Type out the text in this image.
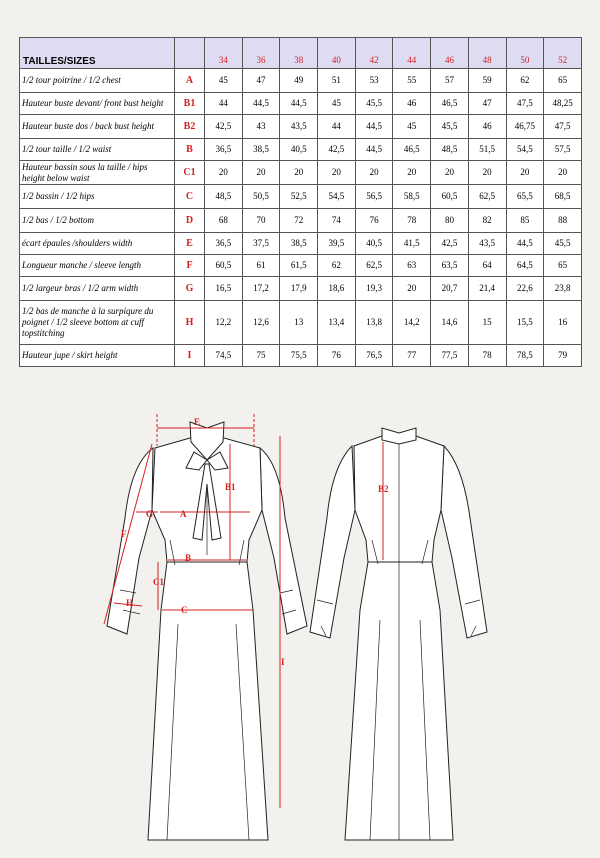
TAILLES/SIZES		34	36	38	40	42	44	46	48	50	52
1/2 tour poitrine / 1/2 chest	A	45	47	49	51	53	55	57	59	62	65
Hauteur buste devant/ front bust height	B1	44	44,5	44,5	45	45,5	46	46,5	47	47,5	48,25
Hauteur buste dos / back bust height	B2	42,5	43	43,5	44	44,5	45	45,5	46	46,75	47,5
1/2 tour taille / 1/2 waist	B	36,5	38,5	40,5	42,5	44,5	46,5	48,5	51,5	54,5	57,5
Hauteur bassin sous la taille / hips height below waist	C1	20	20	20	20	20	20	20	20	20	20
1/2 bassin / 1/2 hips	C	48,5	50,5	52,5	54,5	56,5	58,5	60,5	62,5	65,5	68,5
1/2 bas / 1/2 bottom	D	68	70	72	74	76	78	80	82	85	88
écart épaules /shoulders width	E	36,5	37,5	38,5	39,5	40,5	41,5	42,5	43,5	44,5	45,5
Longueur manche / sleeve length	F	60,5	61	61,5	62	62,5	63	63,5	64	64,5	65
1/2 largeur bras / 1/2 arm width	G	16,5	17,2	17,9	18,6	19,3	20	20,7	21,4	22,6	23,8
1/2 bas de manche à la surpiqure du poignet / 1/2 sleeve bottom at cuff topstitching	H	12,2	12,6	13	13,4	13,8	14,2	14,6	15	15,5	16
Hauteur jupe / skirt height	I	74,5	75	75,5	76	76,5	77	77,5	78	78,5	79
E
B1
A
G
B
C1
C
F
H
I
B2
